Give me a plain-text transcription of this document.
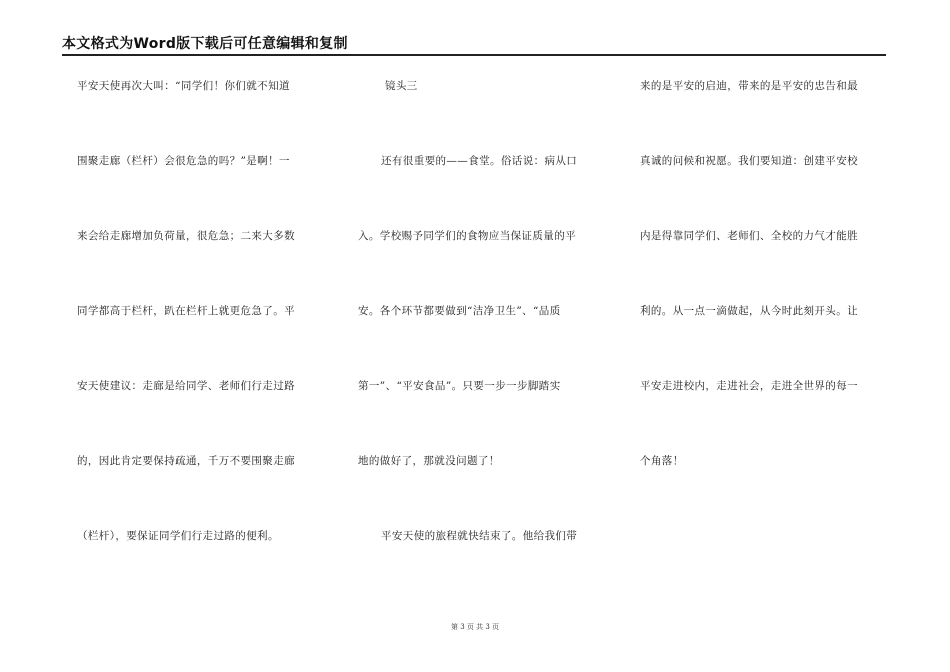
本文格式为Word版下载后可任意编辑和复制
平安天使再次大叫：“同学们！你们就不知道
围聚走廊（栏杆）会很危急的吗？”是啊！一
来会给走廊增加负荷量，很危急；二来大多数
同学都高于栏杆，趴在栏杆上就更危急了。平
安天使建议：走廊是给同学、老师们行走过路
的，因此肯定要保持疏通，千万不要围聚走廊
（栏杆），要保证同学们行走过路的便利。
镜头三
还有很重要的——食堂。俗话说：病从口
入。学校赐予同学们的食物应当保证质量的平
安。各个环节都要做到“洁净卫生”、“品质
第一”、“平安食品”。只要一步一步脚踏实
地的做好了，那就没问题了！
平安天使的旅程就快结束了。他给我们带
来的是平安的启迪，带来的是平安的忠告和最
真诚的问候和祝愿。我们要知道：创建平安校
内是得靠同学们、老师们、全校的力气才能胜
利的。从一点一滴做起，从今时此刻开头。让
平安走进校内，走进社会，走进全世界的每一
个角落！
第 3 页 共 3 页
